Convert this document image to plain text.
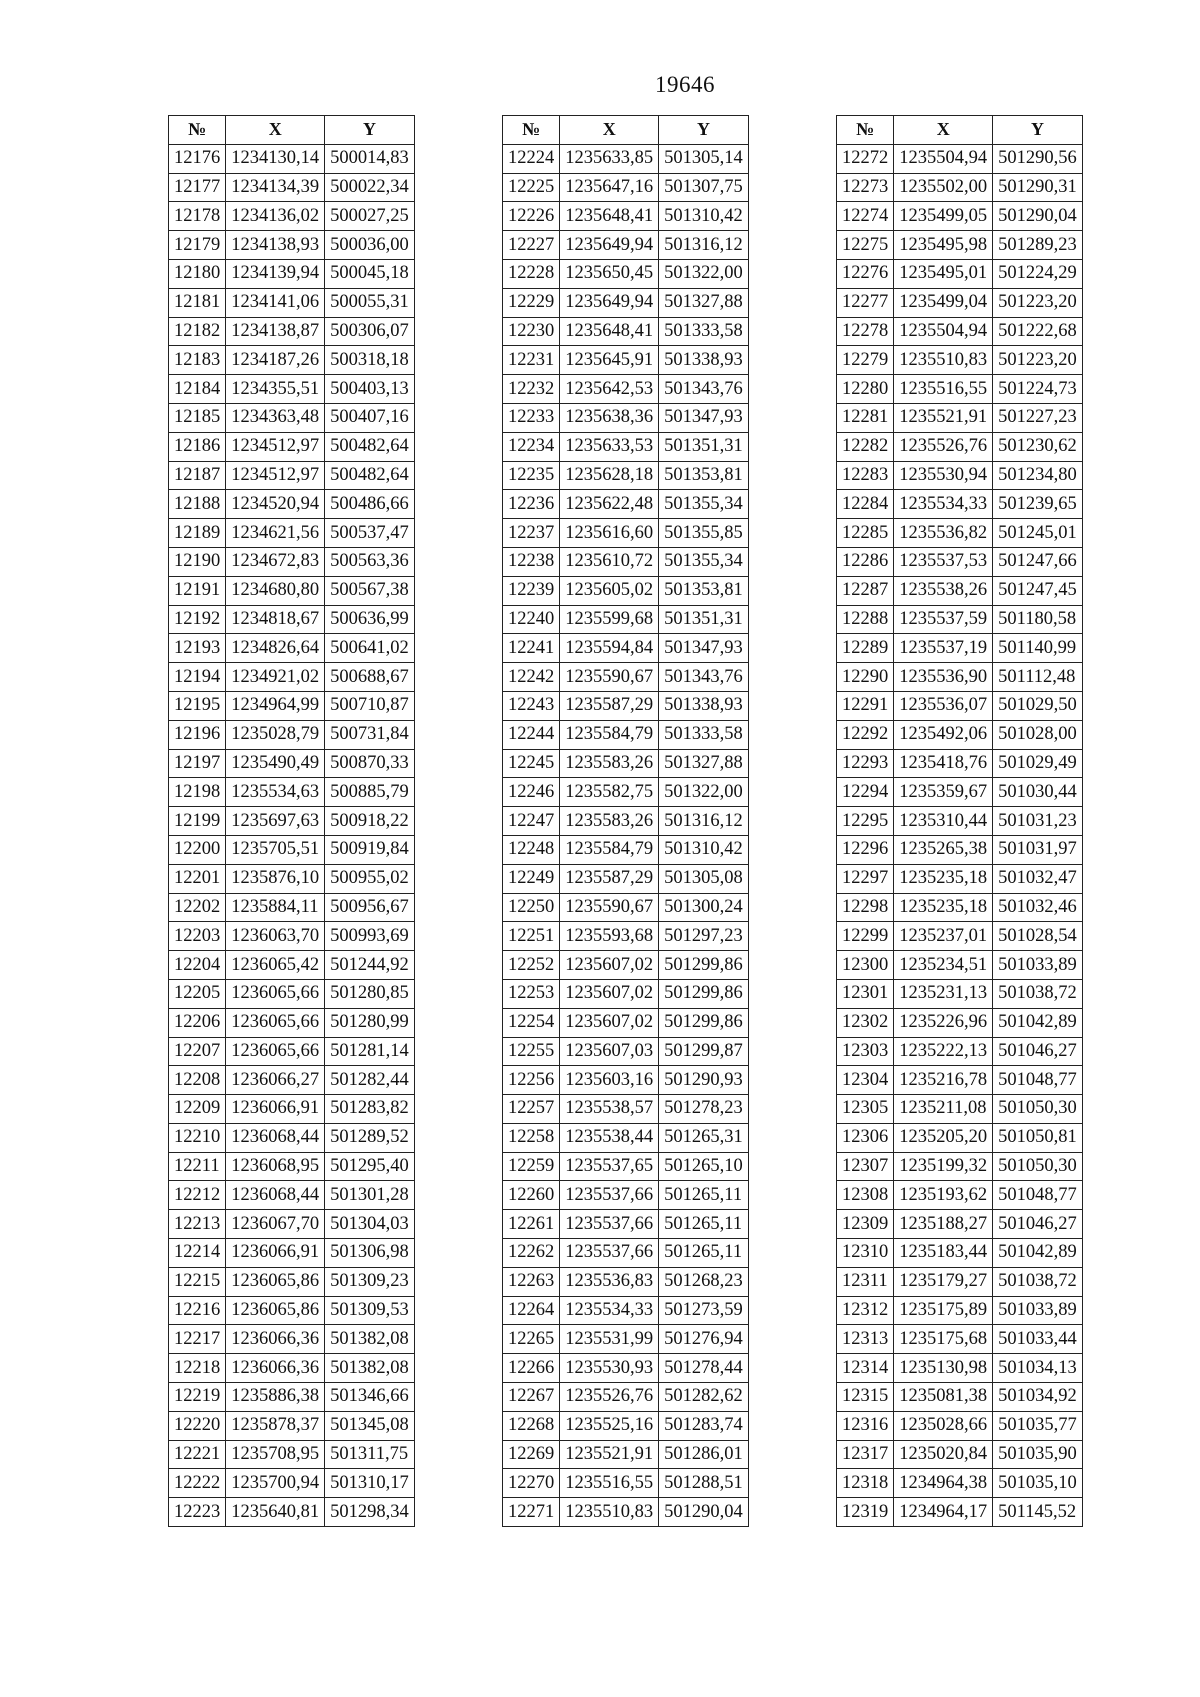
19646
№	X	Y
12176	1234130,14	500014,83
12177	1234134,39	500022,34
12178	1234136,02	500027,25
12179	1234138,93	500036,00
12180	1234139,94	500045,18
12181	1234141,06	500055,31
12182	1234138,87	500306,07
12183	1234187,26	500318,18
12184	1234355,51	500403,13
12185	1234363,48	500407,16
12186	1234512,97	500482,64
12187	1234512,97	500482,64
12188	1234520,94	500486,66
12189	1234621,56	500537,47
12190	1234672,83	500563,36
12191	1234680,80	500567,38
12192	1234818,67	500636,99
12193	1234826,64	500641,02
12194	1234921,02	500688,67
12195	1234964,99	500710,87
12196	1235028,79	500731,84
12197	1235490,49	500870,33
12198	1235534,63	500885,79
12199	1235697,63	500918,22
12200	1235705,51	500919,84
12201	1235876,10	500955,02
12202	1235884,11	500956,67
12203	1236063,70	500993,69
12204	1236065,42	501244,92
12205	1236065,66	501280,85
12206	1236065,66	501280,99
12207	1236065,66	501281,14
12208	1236066,27	501282,44
12209	1236066,91	501283,82
12210	1236068,44	501289,52
12211	1236068,95	501295,40
12212	1236068,44	501301,28
12213	1236067,70	501304,03
12214	1236066,91	501306,98
12215	1236065,86	501309,23
12216	1236065,86	501309,53
12217	1236066,36	501382,08
12218	1236066,36	501382,08
12219	1235886,38	501346,66
12220	1235878,37	501345,08
12221	1235708,95	501311,75
12222	1235700,94	501310,17
12223	1235640,81	501298,34
№	X	Y
12224	1235633,85	501305,14
12225	1235647,16	501307,75
12226	1235648,41	501310,42
12227	1235649,94	501316,12
12228	1235650,45	501322,00
12229	1235649,94	501327,88
12230	1235648,41	501333,58
12231	1235645,91	501338,93
12232	1235642,53	501343,76
12233	1235638,36	501347,93
12234	1235633,53	501351,31
12235	1235628,18	501353,81
12236	1235622,48	501355,34
12237	1235616,60	501355,85
12238	1235610,72	501355,34
12239	1235605,02	501353,81
12240	1235599,68	501351,31
12241	1235594,84	501347,93
12242	1235590,67	501343,76
12243	1235587,29	501338,93
12244	1235584,79	501333,58
12245	1235583,26	501327,88
12246	1235582,75	501322,00
12247	1235583,26	501316,12
12248	1235584,79	501310,42
12249	1235587,29	501305,08
12250	1235590,67	501300,24
12251	1235593,68	501297,23
12252	1235607,02	501299,86
12253	1235607,02	501299,86
12254	1235607,02	501299,86
12255	1235607,03	501299,87
12256	1235603,16	501290,93
12257	1235538,57	501278,23
12258	1235538,44	501265,31
12259	1235537,65	501265,10
12260	1235537,66	501265,11
12261	1235537,66	501265,11
12262	1235537,66	501265,11
12263	1235536,83	501268,23
12264	1235534,33	501273,59
12265	1235531,99	501276,94
12266	1235530,93	501278,44
12267	1235526,76	501282,62
12268	1235525,16	501283,74
12269	1235521,91	501286,01
12270	1235516,55	501288,51
12271	1235510,83	501290,04
№	X	Y
12272	1235504,94	501290,56
12273	1235502,00	501290,31
12274	1235499,05	501290,04
12275	1235495,98	501289,23
12276	1235495,01	501224,29
12277	1235499,04	501223,20
12278	1235504,94	501222,68
12279	1235510,83	501223,20
12280	1235516,55	501224,73
12281	1235521,91	501227,23
12282	1235526,76	501230,62
12283	1235530,94	501234,80
12284	1235534,33	501239,65
12285	1235536,82	501245,01
12286	1235537,53	501247,66
12287	1235538,26	501247,45
12288	1235537,59	501180,58
12289	1235537,19	501140,99
12290	1235536,90	501112,48
12291	1235536,07	501029,50
12292	1235492,06	501028,00
12293	1235418,76	501029,49
12294	1235359,67	501030,44
12295	1235310,44	501031,23
12296	1235265,38	501031,97
12297	1235235,18	501032,47
12298	1235235,18	501032,46
12299	1235237,01	501028,54
12300	1235234,51	501033,89
12301	1235231,13	501038,72
12302	1235226,96	501042,89
12303	1235222,13	501046,27
12304	1235216,78	501048,77
12305	1235211,08	501050,30
12306	1235205,20	501050,81
12307	1235199,32	501050,30
12308	1235193,62	501048,77
12309	1235188,27	501046,27
12310	1235183,44	501042,89
12311	1235179,27	501038,72
12312	1235175,89	501033,89
12313	1235175,68	501033,44
12314	1235130,98	501034,13
12315	1235081,38	501034,92
12316	1235028,66	501035,77
12317	1235020,84	501035,90
12318	1234964,38	501035,10
12319	1234964,17	501145,52
